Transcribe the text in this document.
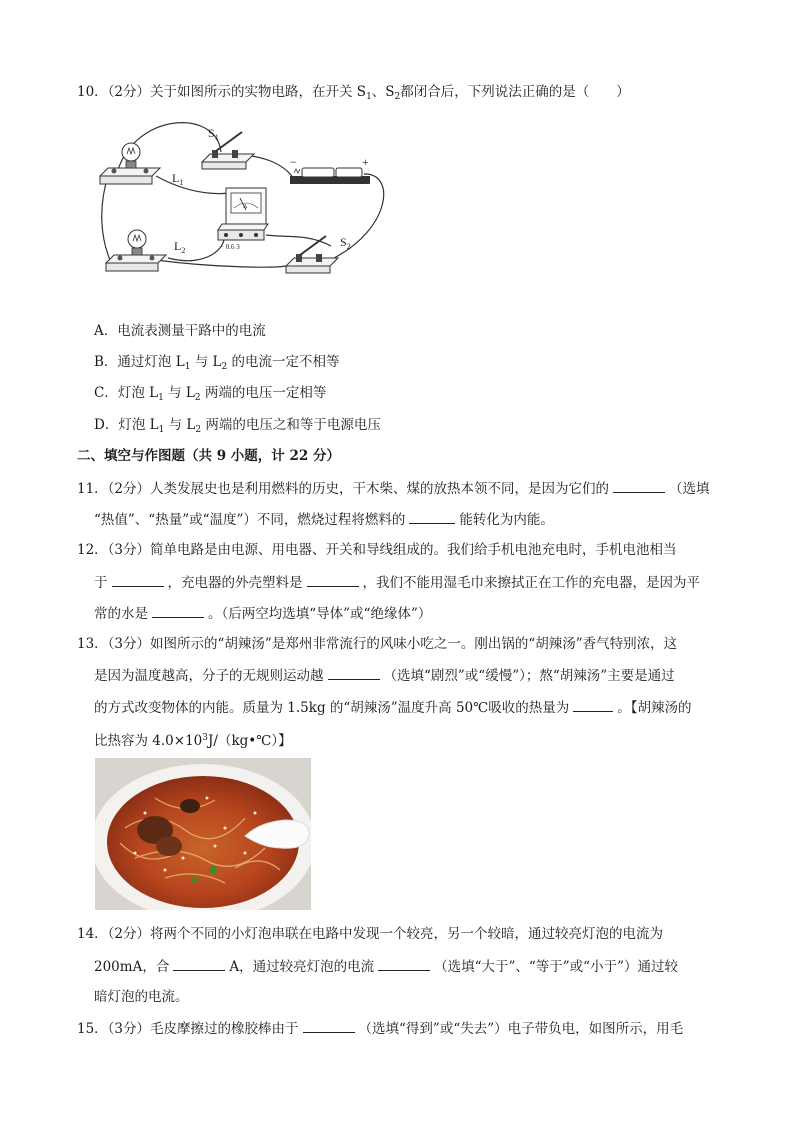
10．（2分）关于如图所示的实物电路，在开关 $S_1$、$S_2$都闭合后，下列说法正确的是（　　）
$S_1$
$L_1$
$L_2$
$S_2$
−	+
A
− 0.6 3
A．电流表测量干路中的电流
B．通过灯泡 $L_1$ 与 $L_2$ 的电流一定不相等
C．灯泡 $L_1$ 与 $L_2$ 两端的电压一定相等
D．灯泡 $L_1$ 与 $L_2$ 两端的电压之和等于电源电压
二、填空与作图题（共 9 小题，计 22 分）
11．（2分）人类发展史也是利用燃料的历史，干木柴、煤的放热本领不同，是因为它们的	（选填
“热值”、“热量”或“温度”）不同，燃烧过程将燃料的	能转化为内能。
12．（3分）简单电路是由电源、用电器、开关和导线组成的。我们给手机电池充电时，手机电池相当
于	，充电器的外壳塑料是	，我们不能用湿毛巾来擦拭正在工作的充电器，是因为平
常的水是	。（后两空均选填“导体”或“绝缘体”）
13．（3分）如图所示的“胡辣汤”是郑州非常流行的风味小吃之一。刚出锅的“胡辣汤”香气特别浓，这
是因为温度越高，分子的无规则运动越	（选填“剧烈”或“缓慢”）；熬“胡辣汤”主要是通过
的方式改变物体的内能。质量为 1.5kg 的“胡辣汤”温度升高 50℃吸收的热量为	。【胡辣汤的
比热容为 $4.0\times 10^3J/(kg•℃)$】
14．（2分）将两个不同的小灯泡串联在电路中发现一个较亮，另一个较暗，通过较亮灯泡的电流为
200mA，合	A，通过较亮灯泡的电流	（选填“大于”、“等于”或“小于”）通过较
暗灯泡的电流。
15．（3分）毛皮摩擦过的橡胶棒由于	（选填“得到”或“失去”）电子带负电，如图所示，用毛
